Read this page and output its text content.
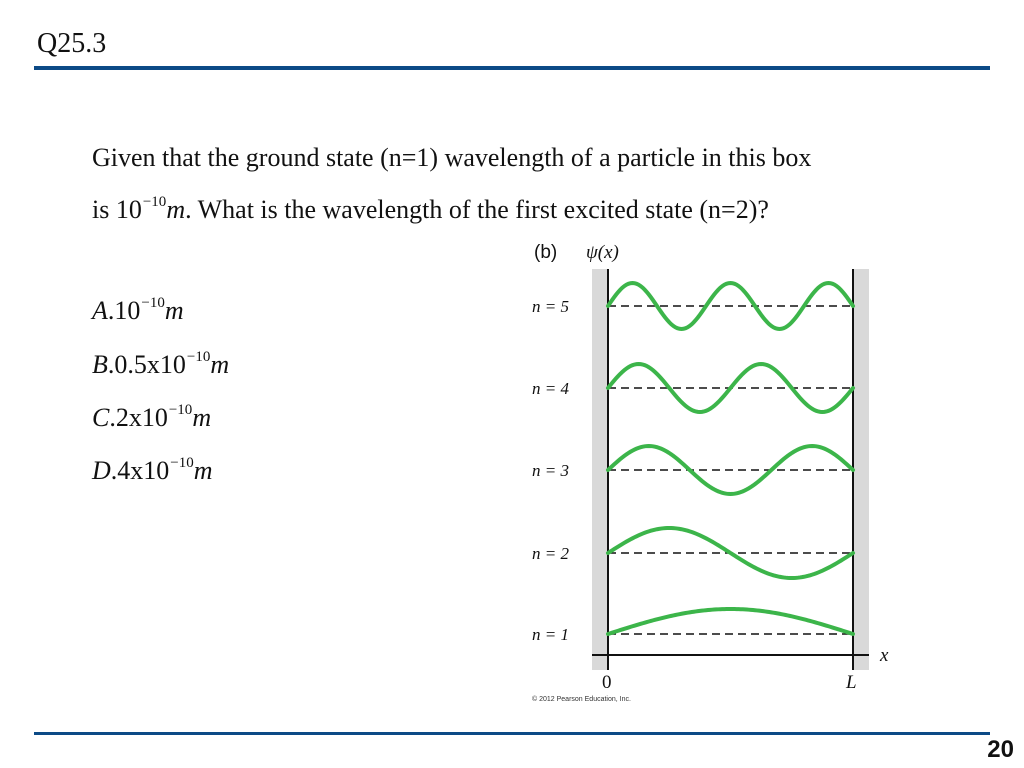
Q25.3
Given that the ground state (n=1) wavelength of a particle in this box
is $10^{-10}m$. What is the wavelength of the first excited state (n=2)?
$A.10^{-10}m$
$B.0.5x10^{-10}m$
$C.2x10^{-10}m$
$D.4x10^{-10}m$
(b) ψ(x)
x
0	L
© 2012 Pearson Education, Inc.
n = 5
n = 4
n = 3
n = 2
n = 1
20
